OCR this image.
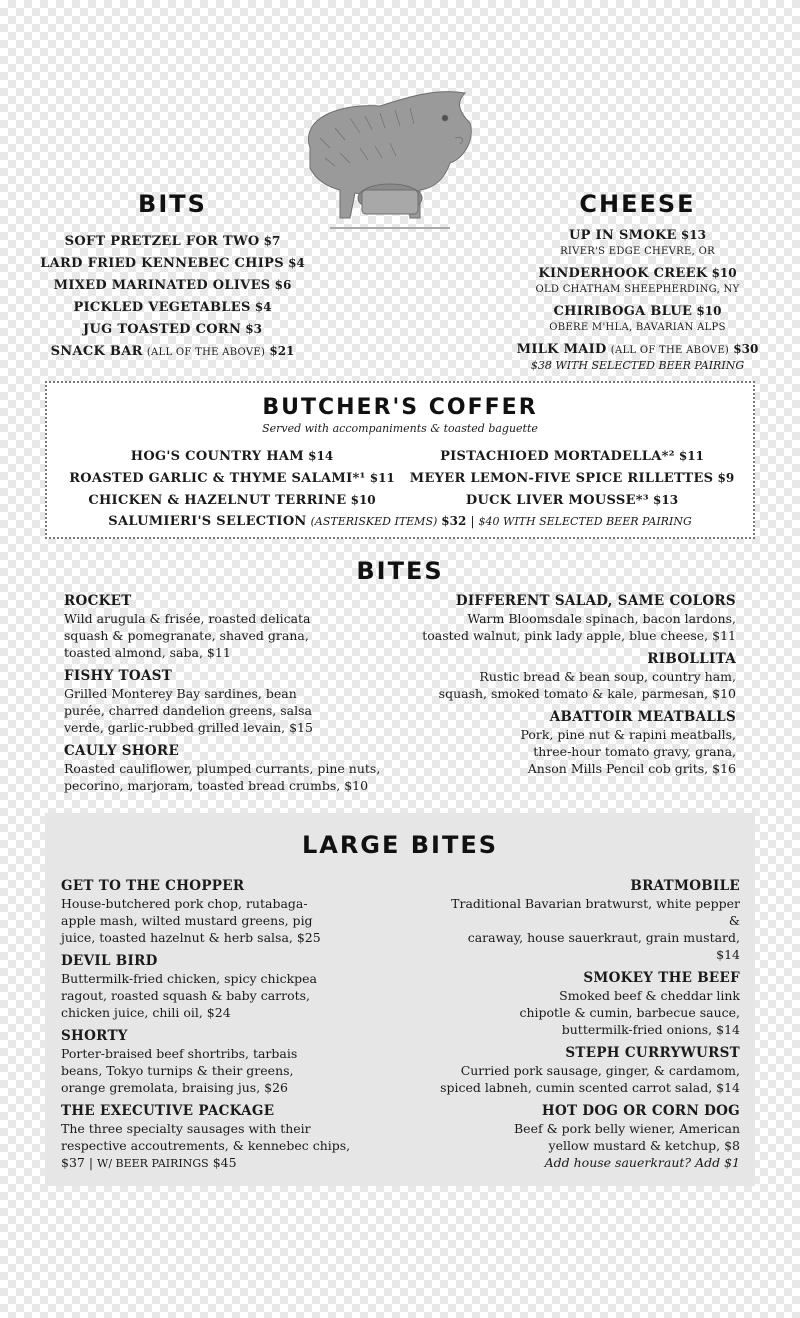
BITS
SOFT PRETZEL FOR TWO $7
LARD FRIED KENNEBEC CHIPS $4
MIXED MARINATED OLIVES $6
PICKLED VEGETABLES $4
JUG TOASTED CORN $3
SNACK BAR (ALL OF THE ABOVE) $21
CHEESE
UP IN SMOKE $13
RIVER'S EDGE CHEVRE, OR
KINDERHOOK CREEK $10
OLD CHATHAM SHEEPHERDING, NY
CHIRIBOGA BLUE $10
OBERE M'HLA, BAVARIAN ALPS
MILK MAID (ALL OF THE ABOVE) $30
$38 WITH SELECTED BEER PAIRING
BUTCHER'S COFFER
Served with accompaniments & toasted baguette
HOG'S COUNTRY HAM $14
ROASTED GARLIC & THYME SALAMI*¹ $11
CHICKEN & HAZELNUT TERRINE $10
PISTACHIOED MORTADELLA*² $11
MEYER LEMON-FIVE SPICE RILLETTES $9
DUCK LIVER MOUSSE*³ $13
SALUMIERI'S SELECTION (ASTERISKED ITEMS) $32 | $40 WITH SELECTED BEER PAIRING
BITES
ROCKET
Wild arugula & frisée, roasted delicata
squash & pomegranate, shaved grana,
toasted almond, saba, $11
FISHY TOAST
Grilled Monterey Bay sardines, bean
purée, charred dandelion greens, salsa
verde, garlic-rubbed grilled levain, $15
CAULY SHORE
Roasted cauliflower, plumped currants, pine nuts,
pecorino, marjoram, toasted bread crumbs, $10
DIFFERENT SALAD, SAME COLORS
Warm Bloomsdale spinach, bacon lardons,
toasted walnut, pink lady apple, blue cheese, $11
RIBOLLITA
Rustic bread & bean soup, country ham,
squash, smoked tomato & kale, parmesan, $10
ABATTOIR MEATBALLS
Pork, pine nut & rapini meatballs,
three-hour tomato gravy, grana,
Anson Mills Pencil cob grits, $16
LARGE BITES
GET TO THE CHOPPER
House-butchered pork chop, rutabaga-
apple mash, wilted mustard greens, pig
juice, toasted hazelnut & herb salsa, $25
DEVIL BIRD
Buttermilk-fried chicken, spicy chickpea
ragout, roasted squash & baby carrots,
chicken juice, chili oil, $24
SHORTY
Porter-braised beef shortribs, tarbais
beans, Tokyo turnips & their greens,
orange gremolata, braising jus, $26
THE EXECUTIVE PACKAGE
The three specialty sausages with their
respective accoutrements, & kennebec chips,
$37 | W/ BEER PAIRINGS $45
BRATMOBILE
Traditional Bavarian bratwurst, white pepper &
caraway, house sauerkraut, grain mustard, $14
SMOKEY THE BEEF
Smoked beef & cheddar link
chipotle & cumin, barbecue sauce,
buttermilk-fried onions, $14
STEPH CURRYWURST
Curried pork sausage, ginger, & cardamom,
spiced labneh, cumin scented carrot salad, $14
HOT DOG OR CORN DOG
Beef & pork belly wiener, American
yellow mustard & ketchup, $8
Add house sauerkraut? Add $1
